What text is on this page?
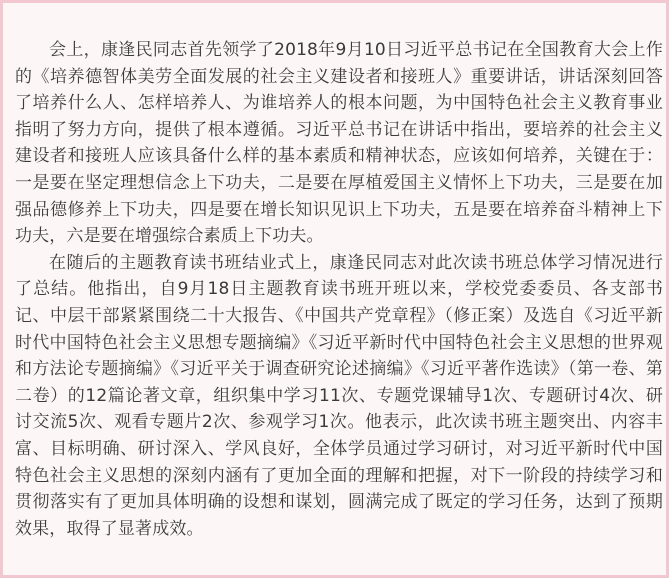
会上，康逢民同志首先领学了2018年9月10日习近平总书记在全国教育大会上作的《培养德智体美劳全面发展的社会主义建设者和接班人》重要讲话，讲话深刻回答了培养什么人、怎样培养人、为谁培养人的根本问题，为中国特色社会主义教育事业指明了努力方向，提供了根本遵循。习近平总书记在讲话中指出，要培养的社会主义建设者和接班人应该具备什么样的基本素质和精神状态，应该如何培养，关键在于：一是要在坚定理想信念上下功夫，二是要在厚植爱国主义情怀上下功夫，三是要在加强品德修养上下功夫，四是要在增长知识见识上下功夫，五是要在培养奋斗精神上下功夫，六是要在增强综合素质上下功夫。

在随后的主题教育读书班结业式上，康逢民同志对此次读书班总体学习情况进行了总结。他指出，自9月18日主题教育读书班开班以来，学校党委委员、各支部书记、中层干部紧紧围绕二十大报告、《中国共产党章程》（修正案）及选自《习近平新时代中国特色社会主义思想专题摘编》《习近平新时代中国特色社会主义思想的世界观和方法论专题摘编》《习近平关于调查研究论述摘编》《习近平著作选读》（第一卷、第二卷）的12篇论著文章，组织集中学习11次、专题党课辅导1次、专题研讨4次、研讨交流5次、观看专题片2次、参观学习1次。他表示，此次读书班主题突出、内容丰富、目标明确、研讨深入、学风良好，全体学员通过学习研讨，对习近平新时代中国特色社会主义思想的深刻内涵有了更加全面的理解和把握，对下一阶段的持续学习和贯彻落实有了更加具体明确的设想和谋划，圆满完成了既定的学习任务，达到了预期效果，取得了显著成效。
